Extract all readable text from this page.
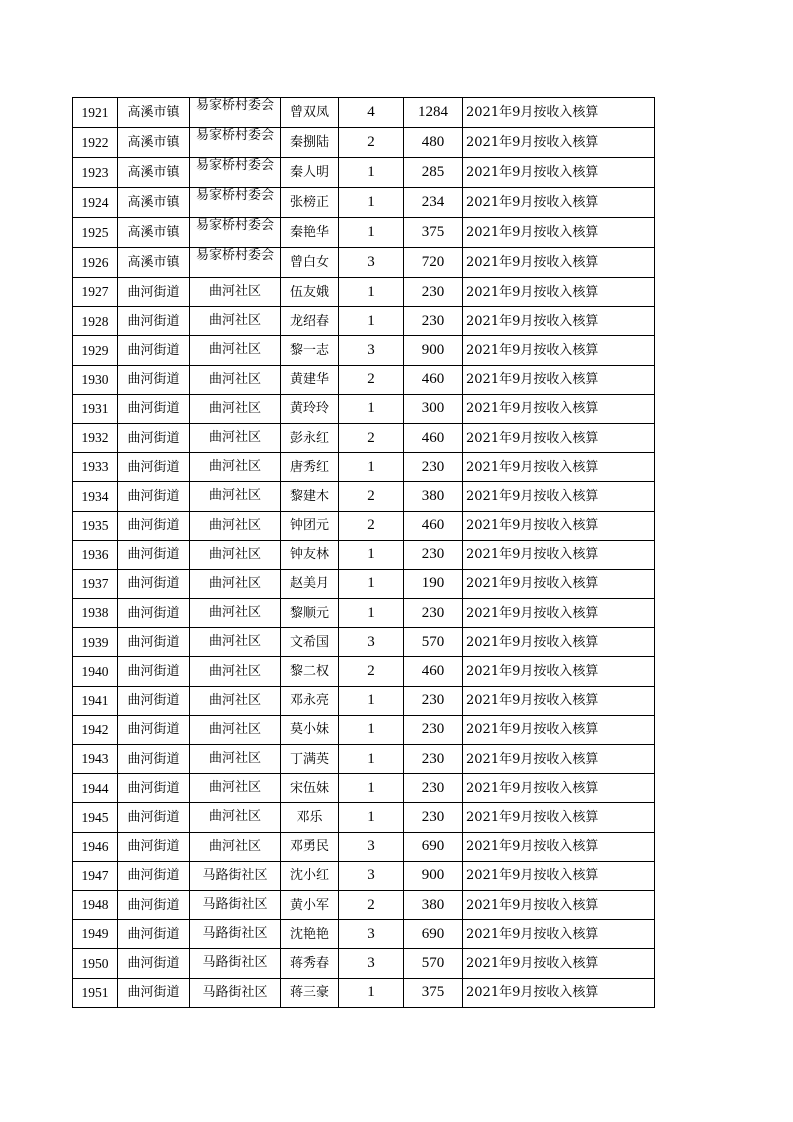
1921	高溪市镇	易家桥村委会	曾双凤	4	1284	2021年9月按收入核算
1922	高溪市镇	易家桥村委会	秦捌陆	2	480	2021年9月按收入核算
1923	高溪市镇	易家桥村委会	秦人明	1	285	2021年9月按收入核算
1924	高溪市镇	易家桥村委会	张榜正	1	234	2021年9月按收入核算
1925	高溪市镇	易家桥村委会	秦艳华	1	375	2021年9月按收入核算
1926	高溪市镇	易家桥村委会	曾白女	3	720	2021年9月按收入核算
1927	曲河街道	曲河社区	伍友娥	1	230	2021年9月按收入核算
1928	曲河街道	曲河社区	龙绍春	1	230	2021年9月按收入核算
1929	曲河街道	曲河社区	黎一志	3	900	2021年9月按收入核算
1930	曲河街道	曲河社区	黄建华	2	460	2021年9月按收入核算
1931	曲河街道	曲河社区	黄玲玲	1	300	2021年9月按收入核算
1932	曲河街道	曲河社区	彭永红	2	460	2021年9月按收入核算
1933	曲河街道	曲河社区	唐秀红	1	230	2021年9月按收入核算
1934	曲河街道	曲河社区	黎建木	2	380	2021年9月按收入核算
1935	曲河街道	曲河社区	钟团元	2	460	2021年9月按收入核算
1936	曲河街道	曲河社区	钟友林	1	230	2021年9月按收入核算
1937	曲河街道	曲河社区	赵美月	1	190	2021年9月按收入核算
1938	曲河街道	曲河社区	黎顺元	1	230	2021年9月按收入核算
1939	曲河街道	曲河社区	文希国	3	570	2021年9月按收入核算
1940	曲河街道	曲河社区	黎二权	2	460	2021年9月按收入核算
1941	曲河街道	曲河社区	邓永亮	1	230	2021年9月按收入核算
1942	曲河街道	曲河社区	莫小妹	1	230	2021年9月按收入核算
1943	曲河街道	曲河社区	丁满英	1	230	2021年9月按收入核算
1944	曲河街道	曲河社区	宋伍妹	1	230	2021年9月按收入核算
1945	曲河街道	曲河社区	邓乐	1	230	2021年9月按收入核算
1946	曲河街道	曲河社区	邓勇民	3	690	2021年9月按收入核算
1947	曲河街道	马路街社区	沈小红	3	900	2021年9月按收入核算
1948	曲河街道	马路街社区	黄小军	2	380	2021年9月按收入核算
1949	曲河街道	马路街社区	沈艳艳	3	690	2021年9月按收入核算
1950	曲河街道	马路街社区	蒋秀春	3	570	2021年9月按收入核算
1951	曲河街道	马路街社区	蒋三豪	1	375	2021年9月按收入核算
